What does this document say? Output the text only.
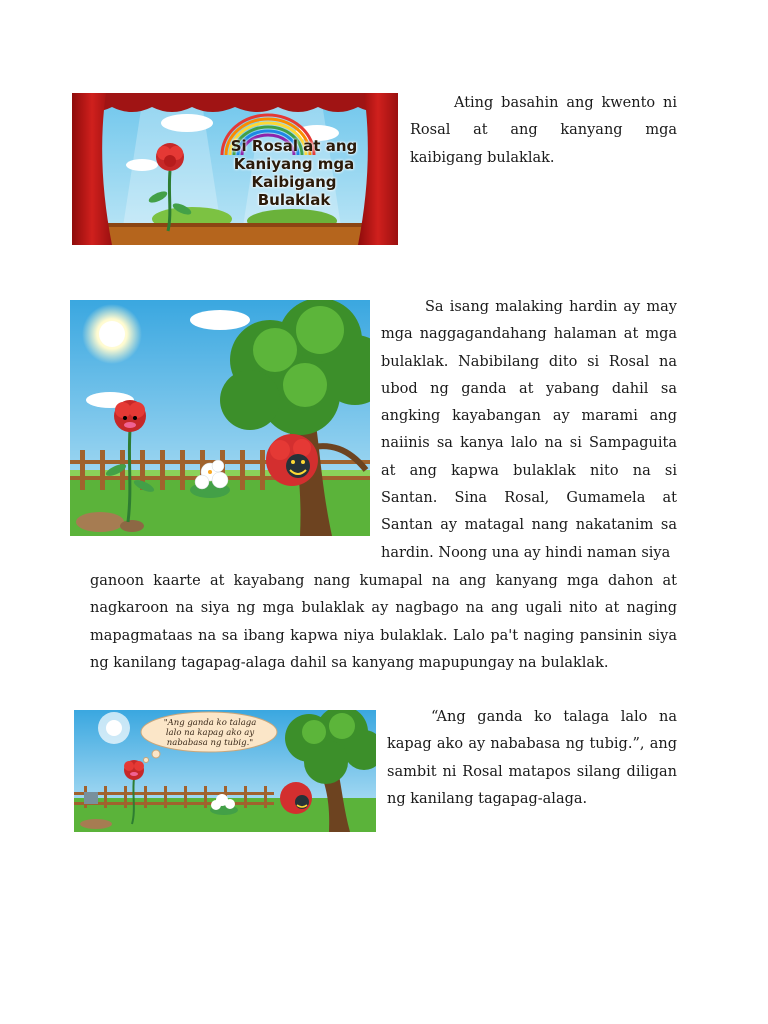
Si Rosal at ang
Kaniyang mga
Kaibigang
Bulaklak
Ating basahin ang kwento ni Rosal at ang kanyang mga kaibigang bulaklak.
Sa isang malaking hardin ay may mga naggagandahang halaman at mga bulaklak. Nabibilang dito si Rosal na ubod ng ganda at yabang dahil sa angking kayabangan ay marami ang naiinis sa kanya lalo na si Sampaguita at ang kapwa bulaklak nito na si Santan. Sina Rosal, Gumamela at Santan ay matagal nang nakatanim sa hardin. Noong una ay hindi naman siya
ganoon kaarte at kayabang nang kumapal na ang kanyang mga dahon at nagkaroon na siya ng mga bulaklak ay nagbago na ang ugali nito at naging mapagmataas na sa ibang kapwa niya bulaklak. Lalo pa't naging pansinin siya ng kanilang tagapag-alaga dahil sa kanyang mapupungay na bulaklak.
"Ang ganda ko talaga
lalo na kapag ako ay
nababasa ng tubig."
“Ang ganda ko talaga lalo na kapag ako ay nababasa ng tubig.”, ang sambit ni Rosal matapos silang diligan ng kanilang tagapag-alaga.
